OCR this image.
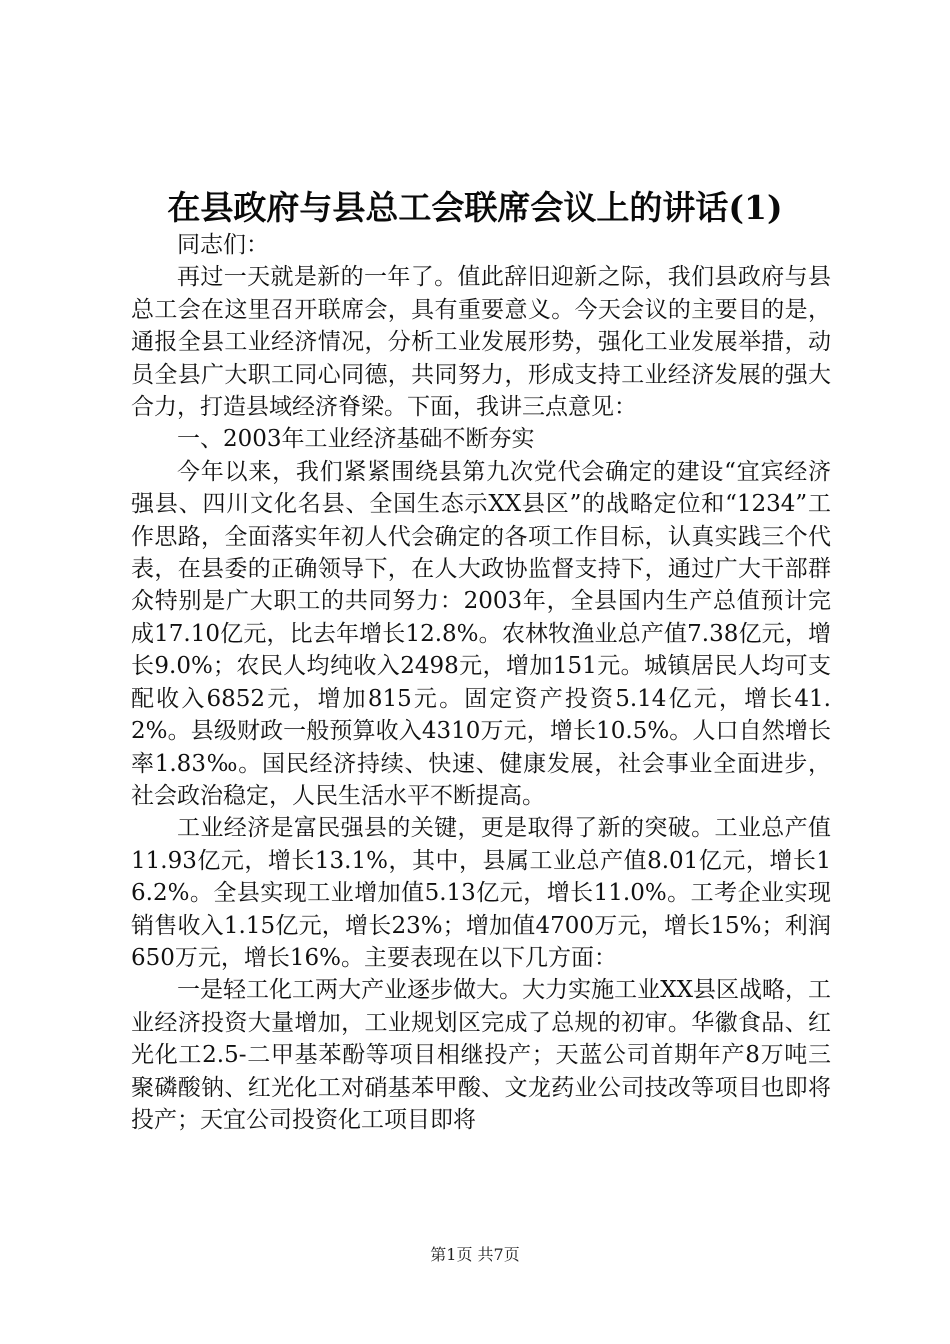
在县政府与县总工会联席会议上的讲话(1)

同志们：

再过一天就是新的一年了。值此辞旧迎新之际，我们县政府与县总工会在这里召开联席会，具有重要意义。今天会议的主要目的是，通报全县工业经济情况，分析工业发展形势，强化工业发展举措，动员全县广大职工同心同德，共同努力，形成支持工业经济发展的强大合力，打造县域经济脊梁。下面，我讲三点意见：

一、2003年工业经济基础不断夯实

今年以来，我们紧紧围绕县第九次党代会确定的建设“宜宾经济强县、四川文化名县、全国生态示XX县区”的战略定位和“1234”工作思路，全面落实年初人代会确定的各项工作目标，认真实践三个代表，在县委的正确领导下，在人大政协监督支持下，通过广大干部群众特别是广大职工的共同努力：2003年，全县国内生产总值预计完成17.10亿元，比去年增长12.8%。农林牧渔业总产值7.38亿元，增长9.0%；农民人均纯收入2498元，增加151元。城镇居民人均可支配收入6852元，增加815元。固定资产投资5.14亿元，增长41.2%。县级财政一般预算收入4310万元，增长10.5%。人口自然增长率1.83‰。国民经济持续、快速、健康发展，社会事业全面进步，社会政治稳定，人民生活水平不断提高。

工业经济是富民强县的关键，更是取得了新的突破。工业总产值11.93亿元，增长13.1%，其中，县属工业总产值8.01亿元，增长16.2%。全县实现工业增加值5.13亿元，增长11.0%。工考企业实现销售收入1.15亿元，增长23%；增加值4700万元，增长15%；利润650万元，增长16%。主要表现在以下几方面：

一是轻工化工两大产业逐步做大。大力实施工业XX县区战略，工业经济投资大量增加，工业规划区完成了总规的初审。华徽食品、红光化工2.5-二甲基苯酚等项目相继投产；天蓝公司首期年产8万吨三聚磷酸钠、红光化工对硝基苯甲酸、文龙药业公司技改等项目也即将投产；天宜公司投资化工项目即将

第1页 共7页
